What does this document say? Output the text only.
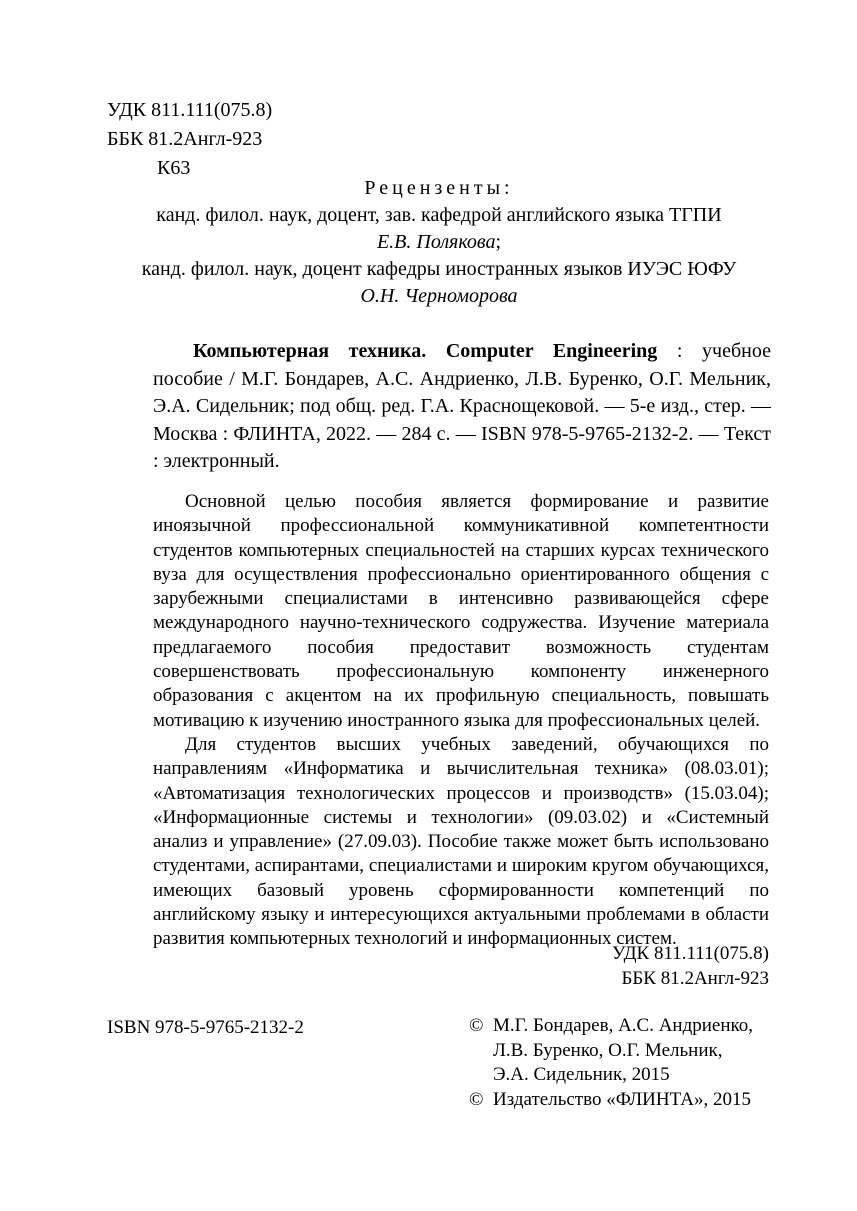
УДК 811.111(075.8)
ББК 81.2Англ-923
К63
Рецензенты:
канд. филол. наук, доцент, зав. кафедрой английского языка ТГПИ
Е.В. Полякова;
канд. филол. наук, доцент кафедры иностранных языков ИУЭС ЮФУ
О.Н. Черноморова
Компьютерная техника. Computer Engineering : учебное пособие / М.Г. Бондарев, А.С. Андриенко, Л.В. Буренко, О.Г. Мельник, Э.А. Сидельник; под общ. ред. Г.А. Краснощековой. — 5-е изд., стер. — Москва : ФЛИНТА, 2022. — 284 с. — ISBN 978-5-9765-2132-2. — Текст : электронный.

Основной целью пособия является формирование и развитие иноязычной профессиональной коммуникативной компетентности студентов компьютерных специальностей на старших курсах технического вуза для осуществления профессионально ориентированного общения с зарубежными специалистами в интенсивно развивающейся сфере международного научно-технического содружества. Изучение материала предлагаемого пособия предоставит возможность студентам совершенствовать профессиональную компоненту инженерного образования с акцентом на их профильную специальность, повышать мотивацию к изучению иностранного языка для профессиональных целей.

Для студентов высших учебных заведений, обучающихся по направлениям «Информатика и вычислительная техника» (08.03.01); «Автоматизация технологических процессов и производств» (15.03.04); «Информационные системы и технологии» (09.03.02) и «Системный анализ и управление» (27.09.03). Пособие также может быть использовано студентами, аспирантами, специалистами и широким кругом обучающихся, имеющих базовый уровень сформированности компетенций по английскому языку и интересующихся актуальными проблемами в области развития компьютерных технологий и информационных систем.

УДК 811.111(075.8)
ББК 81.2Англ-923
ISBN 978-5-9765-2132-2	© М.Г. Бондарев, А.С. Андриенко,
Л.В. Буренко, О.Г. Мельник,
Э.А. Сидельник, 2015
© Издательство «ФЛИНТА», 2015
